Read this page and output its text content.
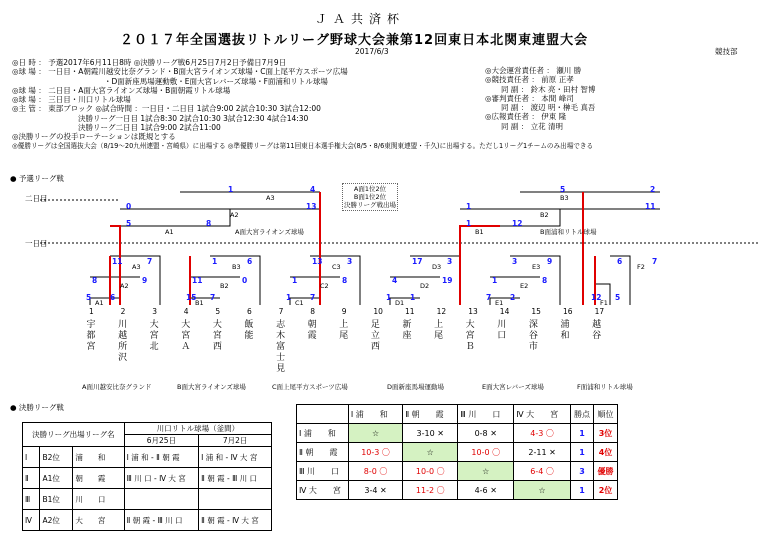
ＪＡ共済杯
２０１７年全国選抜リトルリーグ野球大会兼第12回東日本北関東連盟大会
2017/6/3	競技部
◎日 時 ： 予選2017年6月11日8時 ◎決勝リーグ戦6月25日7月2日予備日7月9日
◎球 場 ： 一日目・A朝霞川越安比奈グランド・B面大宮ライオンズ球場・C面上尾平方スポーツ広場
・D面新座馬場運動敷・E面大宮レバーズ球場・F面浦和リトル球場
◎球 場 ： 二日目・A面大宮ライオンズ球場・B面朝霞リトル球場
◎球 場 ： 三日目・川口リトル球場
◎主 管 ： 東部ブロック ◎試合時間 ：一日目・二日目 1試合9:00 2試合10:30 3試合12:00
決勝リーグ一日目 1試合8:30 2試合10:30 3試合12:30 4試合14:30
決勝リーグ二日目 1試合9:00 2試合11:00
◎決勝リーグの投手ローテーションは既規とする
◎優勝リーグは全国選抜大会（8/19～20九州連盟・宮崎県）に出場する ◎準優勝リーグは第11回東日本選手権大会(8/5・8/6東関東連盟・千久)に出場する。ただし1リーグ1チームのみ出場できる
◎大会運営責任者 ： 瀬川 勝
◎競技責任者 ： 前原 正孝
同 副 ： 鈴木 亮・田村 智博
◎審判責任者 ： 本間 峰司
同 副 ： 渡辺 明・榊毛 真吾
◎広報責任者 ： 伊東 隆
同 副 ： 立花 清明
● 予選リーグ戦
二日目
一日目
1	4
A3
0	13
A2
5	8
A1	A面大宮ライオンズ球場
A面1位2位
B面1位2位
決勝リーグ戦出場
5	2
B3
1	11
B2
1	12
B1	B面浦和リトル球場
11	7
A3
8	9
A2
5	6
A1
1	6
B3
11	0
B2
15 7
B1
13	3
C3
1	8
C2
1	7
C1
17	3
D3
4	19
D2
1	1
D1
3	9
E3
1	8
E2
7	2
E1
6	7
F2
12 5
F1
1
宇都宮
2
川越所沢
3
大宮北
4
大宮Ａ
5
大宮西
6
飯能
7
志木富士見
8
朝霞
9
上尾
10
足立西
11
新座
12
上尾
13
大宮Ｂ
14
川口
15
深谷市
16
浦和
17
越谷
A面川越安比奈グランド	B面大宮ライオンズ球場	C面上尾平方スポーツ広場	D面新座馬場運動場	E面大宮レバーズ球場	F面浦和リトル球場
● 決勝リーグ戦
決勝リーグ出場リーグ名			川口リトル球場（釜間）	
			6月25日	7月2日
Ⅰ	B2位	浦　　和	Ⅰ 浦 和 - Ⅱ 朝 霞	Ⅰ 浦 和 - Ⅳ 大 宮
Ⅱ	A1位	朝　　霞	Ⅲ 川 口 - Ⅳ 大 宮	Ⅱ 朝 霞 - Ⅲ 川 口
Ⅲ	B1位	川　　口		
Ⅳ	A2位	大　　宮	Ⅱ 朝 霞 - Ⅲ 川 口	Ⅱ 朝 霞 - Ⅳ 大 宮
	Ⅰ 浦　　和	Ⅱ 朝　　霞	Ⅲ 川　　口	Ⅳ 大　　宮	勝点	順位
Ⅰ 浦　　和	☆	3-10 ✕	0-8 ✕	4-3 〇	1	3位
Ⅱ 朝　　霞	10-3 〇	☆	10-0 〇	2-11 ✕	1	4位
Ⅲ 川　　口	8-0 〇	10-0 〇	☆	6-4 〇	3	優勝
Ⅳ 大　　宮	3-4 ✕	11-2 〇	4-6 ✕	☆	1	2位
